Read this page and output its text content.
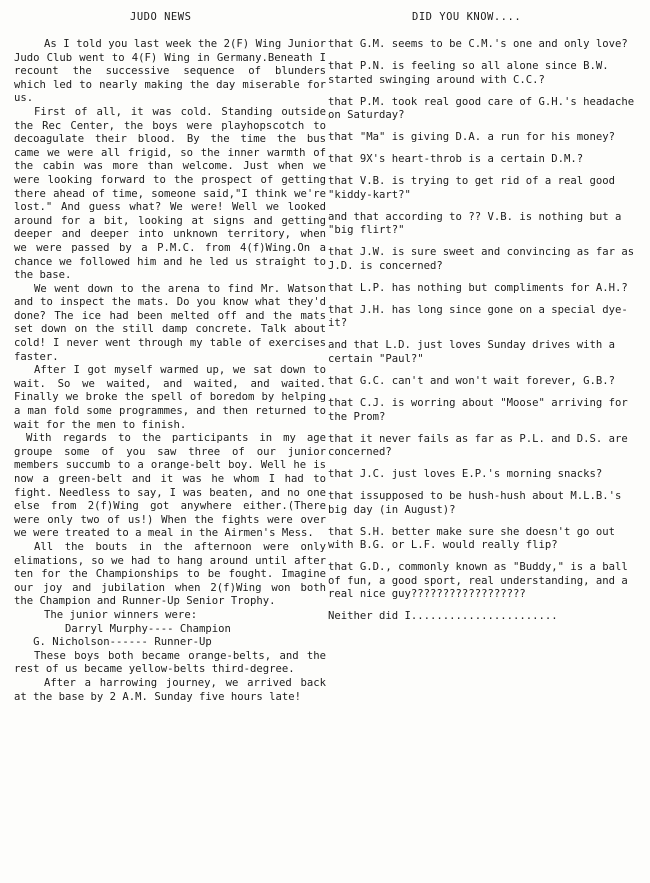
JUDO NEWS	DID YOU KNOW....

As I told you last week the 2(F) Wing Junior Judo Club went to 4(F) Wing in Germany.Beneath I recount the successive sequence of blunders which led to nearly making the day miserable for us.

First of all, it was cold. Standing outside the Rec Center, the boys were playhopscotch to decoagulate their blood. By the time the bus came we were all frigid, so the inner warmth of the cabin was more than welcome. Just when we were looking forward to the prospect of getting there ahead of time, someone said,"I think we're lost." And guess what? We were! Well we looked around for a bit, looking at signs and getting deeper and deeper into unknown territory, when we were passed by a P.M.C. from 4(f)Wing.On a chance we followed him and he led us straight to the base.

We went down to the arena to find Mr. Watson and to inspect the mats. Do you know what they'd done? The ice had been melted off and the mats set down on the still damp concrete. Talk about cold! I never went through my table of exercises faster.

After I got myself warmed up, we sat down to wait. So we waited, and waited, and waited. Finally we broke the spell of boredom by helping a man fold some programmes, and then returned to wait for the men to finish.

With regards to the participants in my age groupe some of you saw three of our junior members succumb to a orange-belt boy. Well he is now a green-belt and it was he whom I had to fight. Needless to say, I was beaten, and no one else from 2(f)Wing got anywhere either.(There were only two of us!) When the fights were over we were treated to a meal in the Airmen's Mess.

All the bouts in the afternoon were only elimations, so we had to hang around until after ten for the Championships to be fought. Imagine our joy and jubilation when 2(f)Wing won both the Champion and Runner-Up Senior Trophy.

The junior winners were:

Darryl Murphy---- Champion
G. Nicholson------ Runner-Up

These boys both became orange-belts, and the rest of us became yellow-belts third-degree.

After a harrowing journey, we arrived back at the base by 2 A.M. Sunday five hours late!

that G.M. seems to be C.M.'s one and only love?

that P.N. is feeling so all alone since B.W. started swinging around with C.C.?

that P.M. took real good care of G.H.'s headache on Saturday?

that "Ma" is giving D.A. a run for his money?

that 9X's heart-throb is a certain D.M.?

that V.B. is trying to get rid of a real good "kiddy-kart?"

and that according to ?? V.B. is nothing but a "big flirt?"

that J.W. is sure sweet and convincing as far as J.D. is concerned?

that L.P. has nothing but compliments for A.H.?

that J.H. has long since gone on a special dye-it?

and that L.D. just loves Sunday drives with a certain "Paul?"

that G.C. can't and won't wait forever, G.B.?

that C.J. is worring about "Moose" arriving for the Prom?

that it never fails as far as P.L. and D.S. are concerned?

that J.C. just loves E.P.'s morning snacks?

that issupposed to be hush-hush about M.L.B.'s big day (in August)?

that S.H. better make sure she doesn't go out with B.G. or L.F. would really flip?

that G.D., commonly known as "Buddy," is a ball of fun, a good sport, real understanding, and a real nice guy??????????????????

Neither did I.......................
